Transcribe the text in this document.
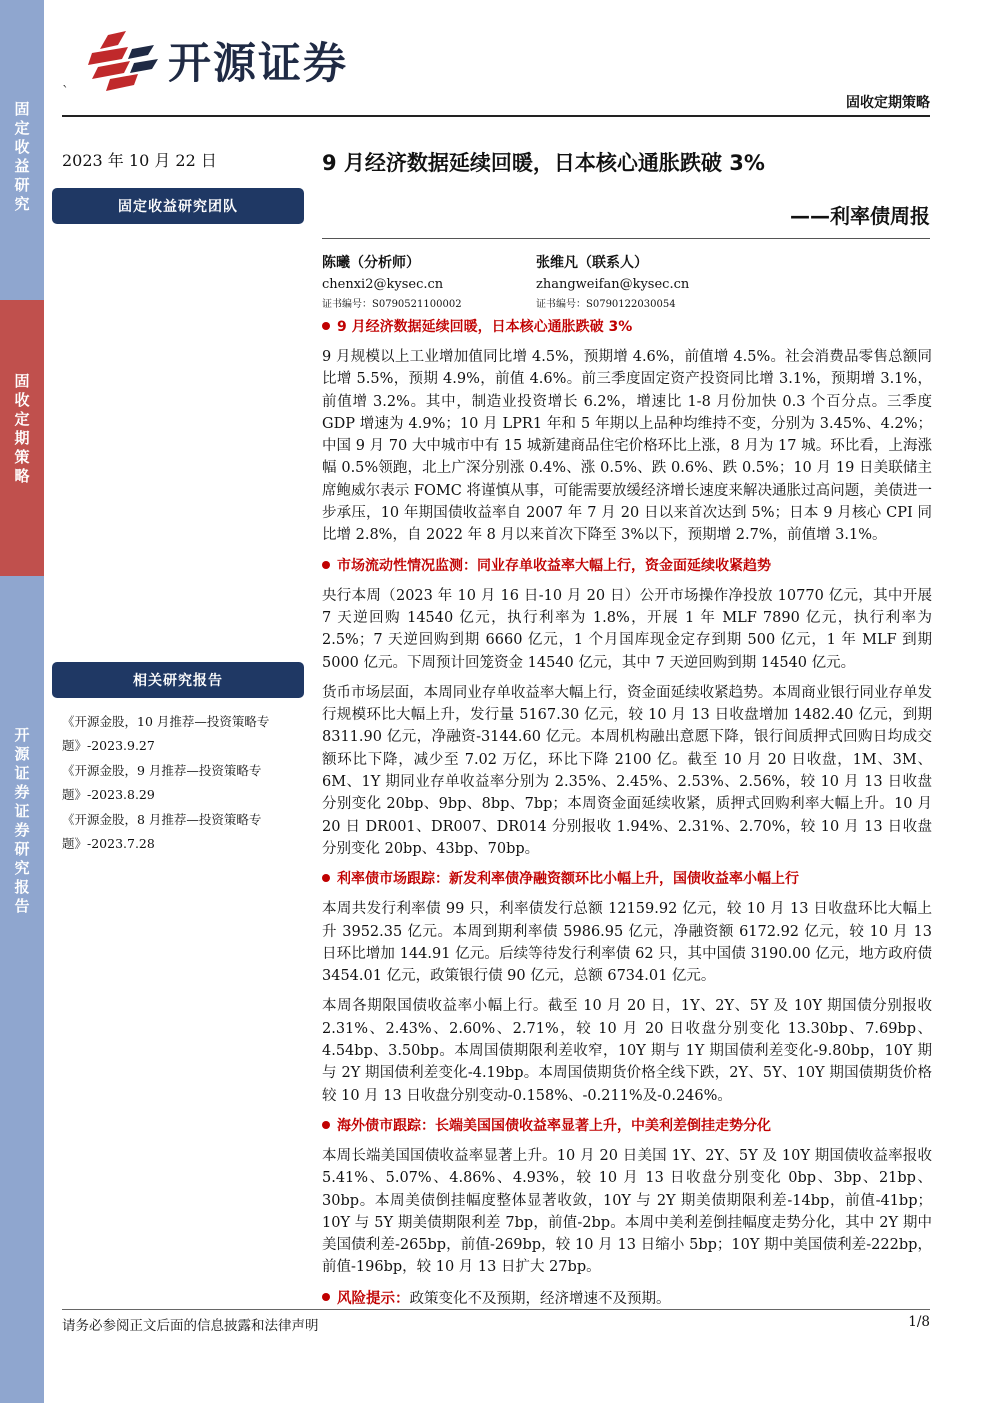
固
定
收
益
研
究
固
收
定
期
策
略
开
源
证
券
证
券
研
究
报
告
开源证券
`
固收定期策略
2023 年 10 月 22 日
固定收益研究团队
相关研究报告
《开源金股，10 月推荐—投资策略专题》-2023.9.27
《开源金股，9 月推荐—投资策略专题》-2023.8.29
《开源金股，8 月推荐—投资策略专题》-2023.7.28
9 月经济数据延续回暖，日本核心通胀跌破 3%
——利率债周报
陈曦（分析师）
chenxi2@kysec.cn
证书编号：S0790521100002
张维凡（联系人）
zhangweifan@kysec.cn
证书编号：S0790122030054
9 月经济数据延续回暖，日本核心通胀跌破 3%

9 月规模以上工业增加值同比增 4.5%，预期增 4.6%，前值增 4.5%。社会消费品零售总额同比增 5.5%，预期 4.9%，前值 4.6%。前三季度固定资产投资同比增 3.1%，预期增 3.1%，前值增 3.2%。其中，制造业投资增长 6.2%，增速比 1-8 月份加快 0.3 个百分点。三季度 GDP 增速为 4.9%；10 月 LPR1 年和 5 年期以上品种均维持不变，分别为 3.45%、4.2%；中国 9 月 70 大中城市中有 15 城新建商品住宅价格环比上涨，8 月为 17 城。环比看，上海涨幅 0.5%领跑，北上广深分别涨 0.4%、涨 0.5%、跌 0.6%、跌 0.5%；10 月 19 日美联储主席鲍威尔表示 FOMC 将谨慎从事，可能需要放缓经济增长速度来解决通胀过高问题，美债进一步承压，10 年期国债收益率自 2007 年 7 月 20 日以来首次达到 5%；日本 9 月核心 CPI 同比增 2.8%，自 2022 年 8 月以来首次下降至 3%以下，预期增 2.7%，前值增 3.1%。

市场流动性情况监测：同业存单收益率大幅上行，资金面延续收紧趋势

央行本周（2023 年 10 月 16 日-10 月 20 日）公开市场操作净投放 10770 亿元，其中开展 7 天逆回购 14540 亿元，执行利率为 1.8%，开展 1 年 MLF 7890 亿元，执行利率为 2.5%；7 天逆回购到期 6660 亿元，1 个月国库现金定存到期 500 亿元，1 年 MLF 到期 5000 亿元。下周预计回笼资金 14540 亿元，其中 7 天逆回购到期 14540 亿元。

货币市场层面，本周同业存单收益率大幅上行，资金面延续收紧趋势。本周商业银行同业存单发行规模环比大幅上升，发行量 5167.30 亿元，较 10 月 13 日收盘增加 1482.40 亿元，到期 8311.90 亿元，净融资-3144.60 亿元。本周机构融出意愿下降，银行间质押式回购日均成交额环比下降，减少至 7.02 万亿，环比下降 2100 亿。截至 10 月 20 日收盘，1M、3M、6M、1Y 期同业存单收益率分别为 2.35%、2.45%、2.53%、2.56%，较 10 月 13 日收盘分别变化 20bp、9bp、8bp、7bp；本周资金面延续收紧，质押式回购利率大幅上升。10 月 20 日 DR001、DR007、DR014 分别报收 1.94%、2.31%、2.70%，较 10 月 13 日收盘分别变化 20bp、43bp、70bp。

利率债市场跟踪：新发利率债净融资额环比小幅上升，国债收益率小幅上行

本周共发行利率债 99 只，利率债发行总额 12159.92 亿元，较 10 月 13 日收盘环比大幅上升 3952.35 亿元。本周到期利率债 5986.95 亿元，净融资额 6172.92 亿元，较 10 月 13 日环比增加 144.91 亿元。后续等待发行利率债 62 只，其中国债 3190.00 亿元，地方政府债 3454.01 亿元，政策银行债 90 亿元，总额 6734.01 亿元。

本周各期限国债收益率小幅上行。截至 10 月 20 日，1Y、2Y、5Y 及 10Y 期国债分别报收 2.31%、2.43%、2.60%、2.71%，较 10 月 20 日收盘分别变化 13.30bp、7.69bp、4.54bp、3.50bp。本周国债期限利差收窄，10Y 期与 1Y 期国债利差变化-9.80bp，10Y 期与 2Y 期国债利差变化-4.19bp。本周国债期货价格全线下跌，2Y、5Y、10Y 期国债期货价格较 10 月 13 日收盘分别变动-0.158%、-0.211%及-0.246%。

海外债市跟踪：长端美国国债收益率显著上升，中美利差倒挂走势分化

本周长端美国国债收益率显著上升。10 月 20 日美国 1Y、2Y、5Y 及 10Y 期国债收益率报收 5.41%、5.07%、4.86%、4.93%，较 10 月 13 日收盘分别变化 0bp、3bp、21bp、30bp。本周美债倒挂幅度整体显著收敛，10Y 与 2Y 期美债期限利差-14bp，前值-41bp；10Y 与 5Y 期美债期限利差 7bp，前值-2bp。本周中美利差倒挂幅度走势分化，其中 2Y 期中美国债利差-265bp，前值-269bp，较 10 月 13 日缩小 5bp；10Y 期中美国债利差-222bp，前值-196bp，较 10 月 13 日扩大 27bp。

风险提示： 政策变化不及预期，经济增速不及预期。
请务必参阅正文后面的信息披露和法律声明	1/8
